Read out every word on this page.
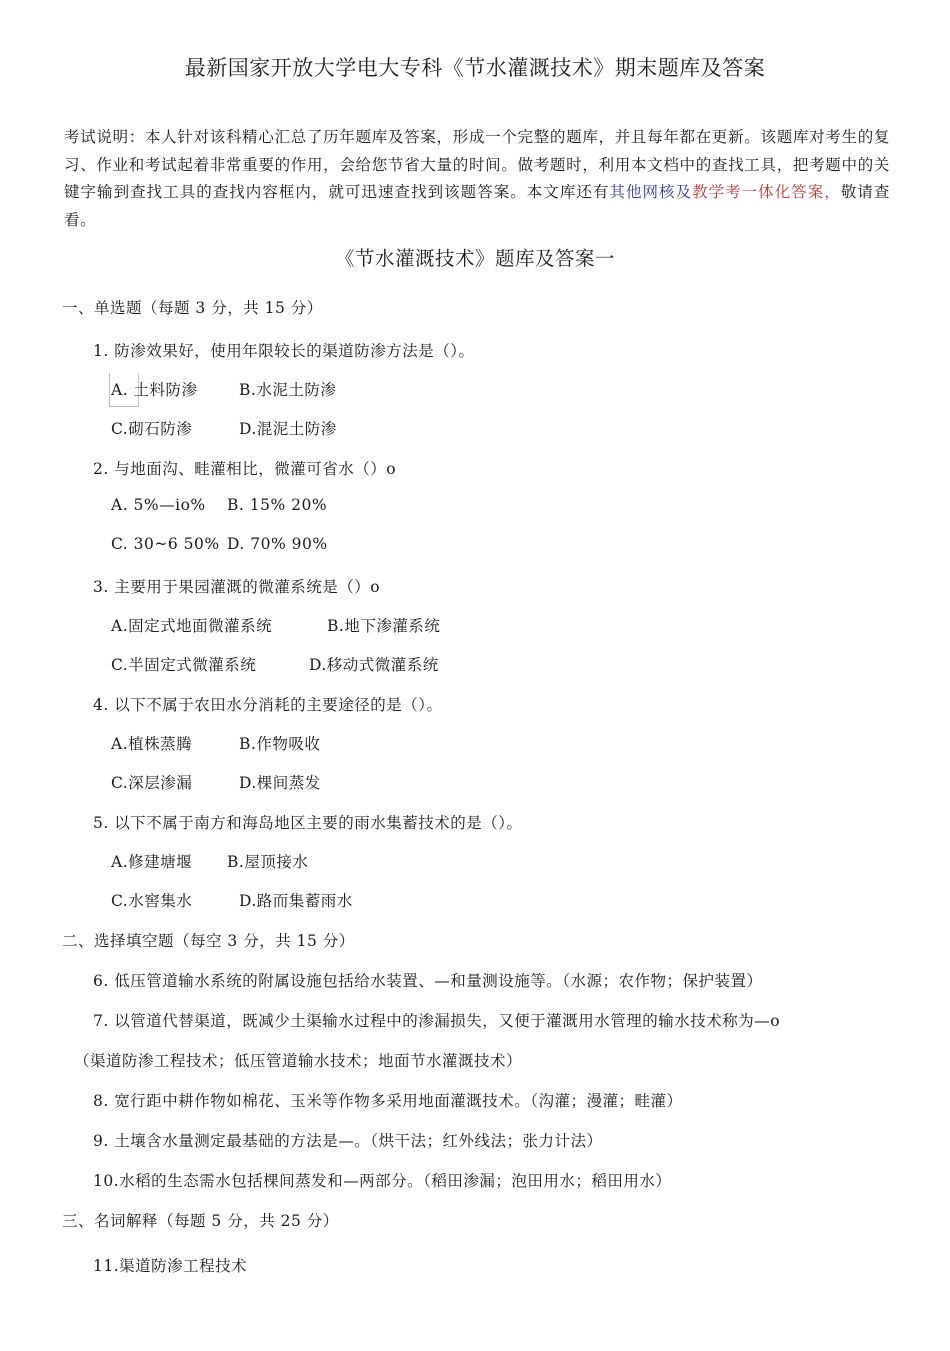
最新国家开放大学电大专科《节水灌溉技术》期末题库及答案
考试说明：本人针对该科精心汇总了历年题库及答案，形成一个完整的题库，并且每年都在更新。该题库对考生的复习、作业和考试起着非常重要的作用，会给您节省大量的时间。做考题时，利用本文档中的查找工具，把考题中的关键字输到查找工具的查找内容框内，就可迅速查找到该题答案。本文库还有其他网核及教学考一体化答案，敬请查看。
《节水灌溉技术》题库及答案一
一、单选题（每题 3 分，共 15 分）
1. 防渗效果好，使用年限较长的渠道防渗方法是（）。
A. 土料防渗	B.水泥土防渗
C.砌石防渗	D.混泥土防渗
2. 与地面沟、畦灌相比，微灌可省水（）o
A. 5%—io% B. 15% 20%
C. 30~6 50% D. 70% 90%
3. 主要用于果园灌溉的微灌系统是（）o
A.固定式地面微灌系统	B.地下渗灌系统
C.半固定式微灌系统	D.移动式微灌系统
4. 以下不属于农田水分消耗的主要途径的是（）。
A.植株蒸腾	B.作物吸收
C.深层渗漏	D.棵间蒸发
5. 以下不属于南方和海岛地区主要的雨水集蓄技术的是（）。
A.修建塘堰 B.屋顶接水
C.水窖集水	D.路而集蓄雨水
二、选择填空题（每空 3 分，共 15 分）
6. 低压管道输水系统的附属设施包括给水装置、—和量测设施等。（水源；农作物；保护装置）
7. 以管道代替渠道，既减少土渠输水过程中的渗漏损失，又便于灌溉用水管理的输水技术称为—o
（渠道防渗工程技术；低压管道输水技术；地面节水灌溉技术）
8. 宽行距中耕作物如棉花、玉米等作物多采用地面灌溉技术。（沟灌；漫灌；畦灌）
9. 土壤含水量测定最基础的方法是—。（烘干法；红外线法；张力计法）
10.水稻的生态需水包括棵间蒸发和—两部分。（稻田渗漏；泡田用水；稻田用水）
三、名词解释（每题 5 分，共 25 分）
11.渠道防渗工程技术
